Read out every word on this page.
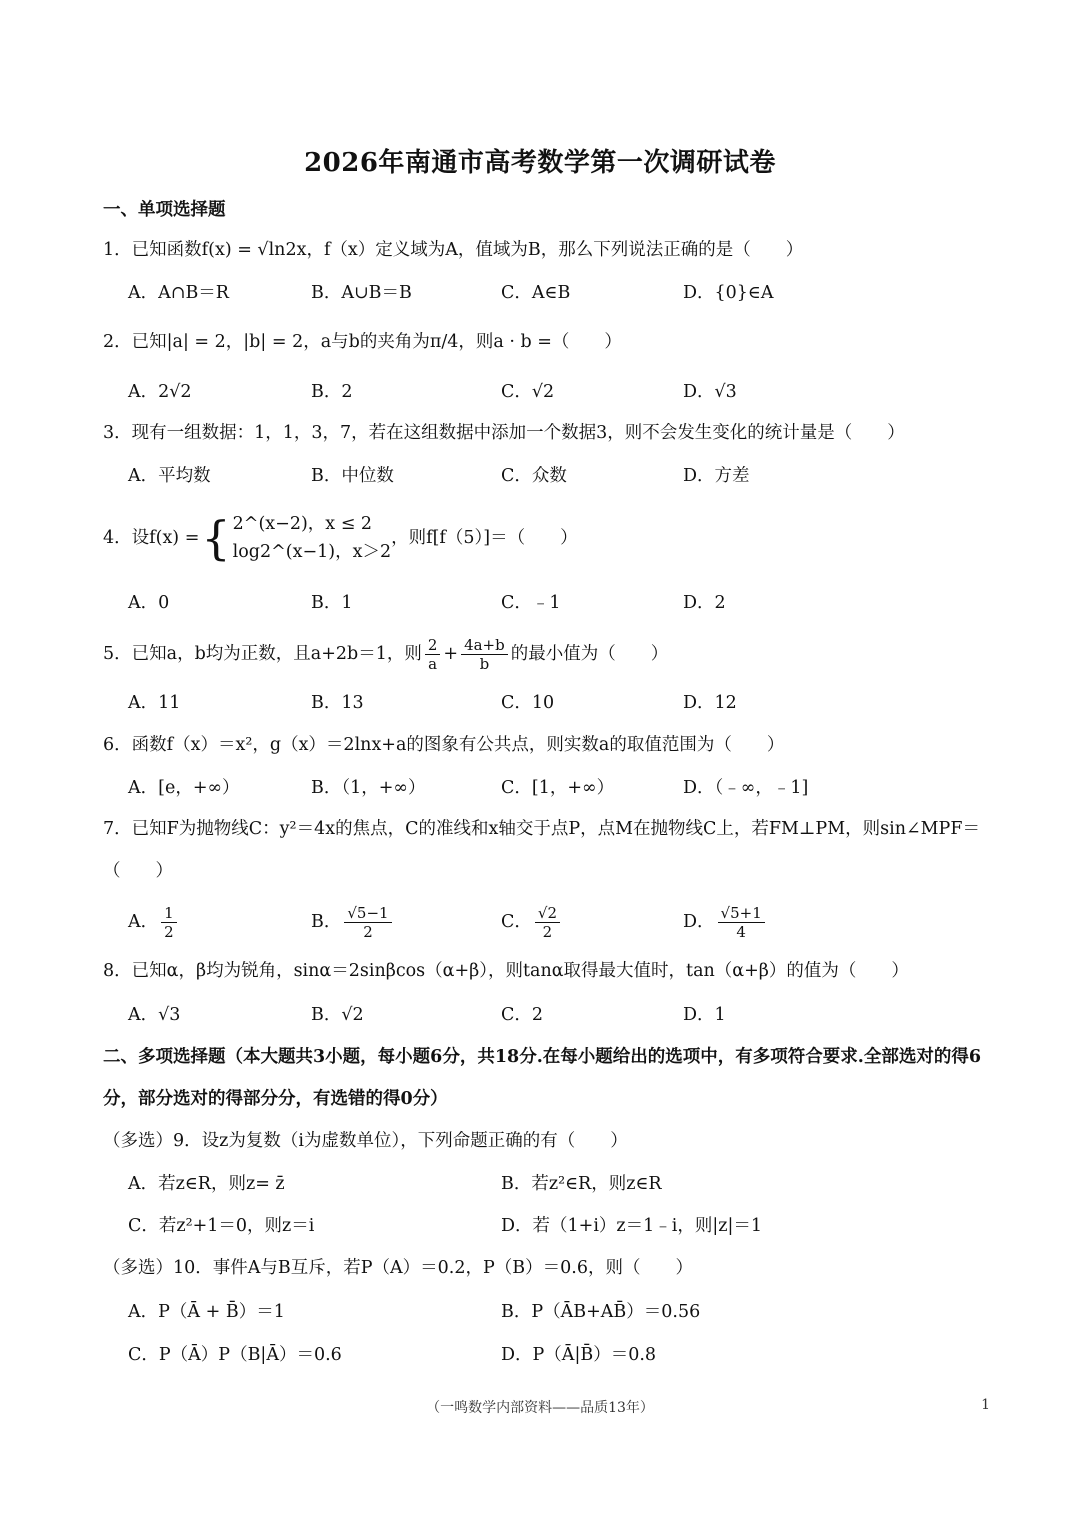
2026年南通市高考数学第一次调研试卷
一、单项选择题
1．已知函数f(x) = √ln2x，f（x）定义域为A，值域为B，那么下列说法正确的是（　　）
A．A∩B＝R	B．A∪B＝B	C．A∈B	D．{0}∈A
2．已知|a| = 2，|b| = 2，a与b的夹角为π/4，则a · b =（　　）
A．2√2	B．2	C．√2	D．√3
3．现有一组数据：1，1，3，7，若在这组数据中添加一个数据3，则不会发生变化的统计量是（　　）
A．平均数	B．中位数	C．众数	D．方差
4．设f(x) = { 2^(x−2)，x ≤ 2
log2^(x−1)，x＞2
，则f[f（5）]＝（　　）
A．0	B．1	C．﹣1	D．2
5．已知a，b均为正数，且a+2b＝1，则 $\frac{2}{a} + \frac{4a+b}{b}$ 的最小值为（　　）
A．11	B．13	C．10	D．12
6．函数f（x）＝x²，g（x）＝2lnx+a的图象有公共点，则实数a的取值范围为（　　）
A．[e，+∞）	B．（1，+∞）	C．[1，+∞）	D．（﹣∞，﹣1]
7．已知F为抛物线C：y²＝4x的焦点，C的准线和x轴交于点P，点M在抛物线C上，若FM⊥PM，则sin∠MPF＝（　　）
A． $\frac{1}{2}$	B． $\frac{√5-1}{2}$	C． $\frac{√2}{2}$	D． $\frac{√5+1}{4}$
8．已知α，β均为锐角，sinα＝2sinβcos（α+β），则tanα取得最大值时，tan（α+β）的值为（　　）
A．√3	B．√2	C．2	D．1
二、多项选择题（本大题共3小题，每小题6分，共18分.在每小题给出的选项中，有多项符合要求.全部选对的得6分，部分选对的得部分分，有选错的得0分）
（多选）9．设z为复数（i为虚数单位），下列命题正确的有（　　）
A．若z∈R，则z= z̄	B．若z²∈R，则z∈R
C．若z²+1＝0，则z＝i	D．若（1+i）z＝1﹣i，则|z|＝1
（多选）10．事件A与B互斥，若P（A）＝0.2，P（B）＝0.6，则（　　）
A．P（Ā + B̄）＝1	B．P（ĀB+AB̄）＝0.56
C．P（Ā）P（B|Ā）＝0.6	D．P（Ā|B̄）＝0.8
（一鸣数学内部资料——品质13年）	1
